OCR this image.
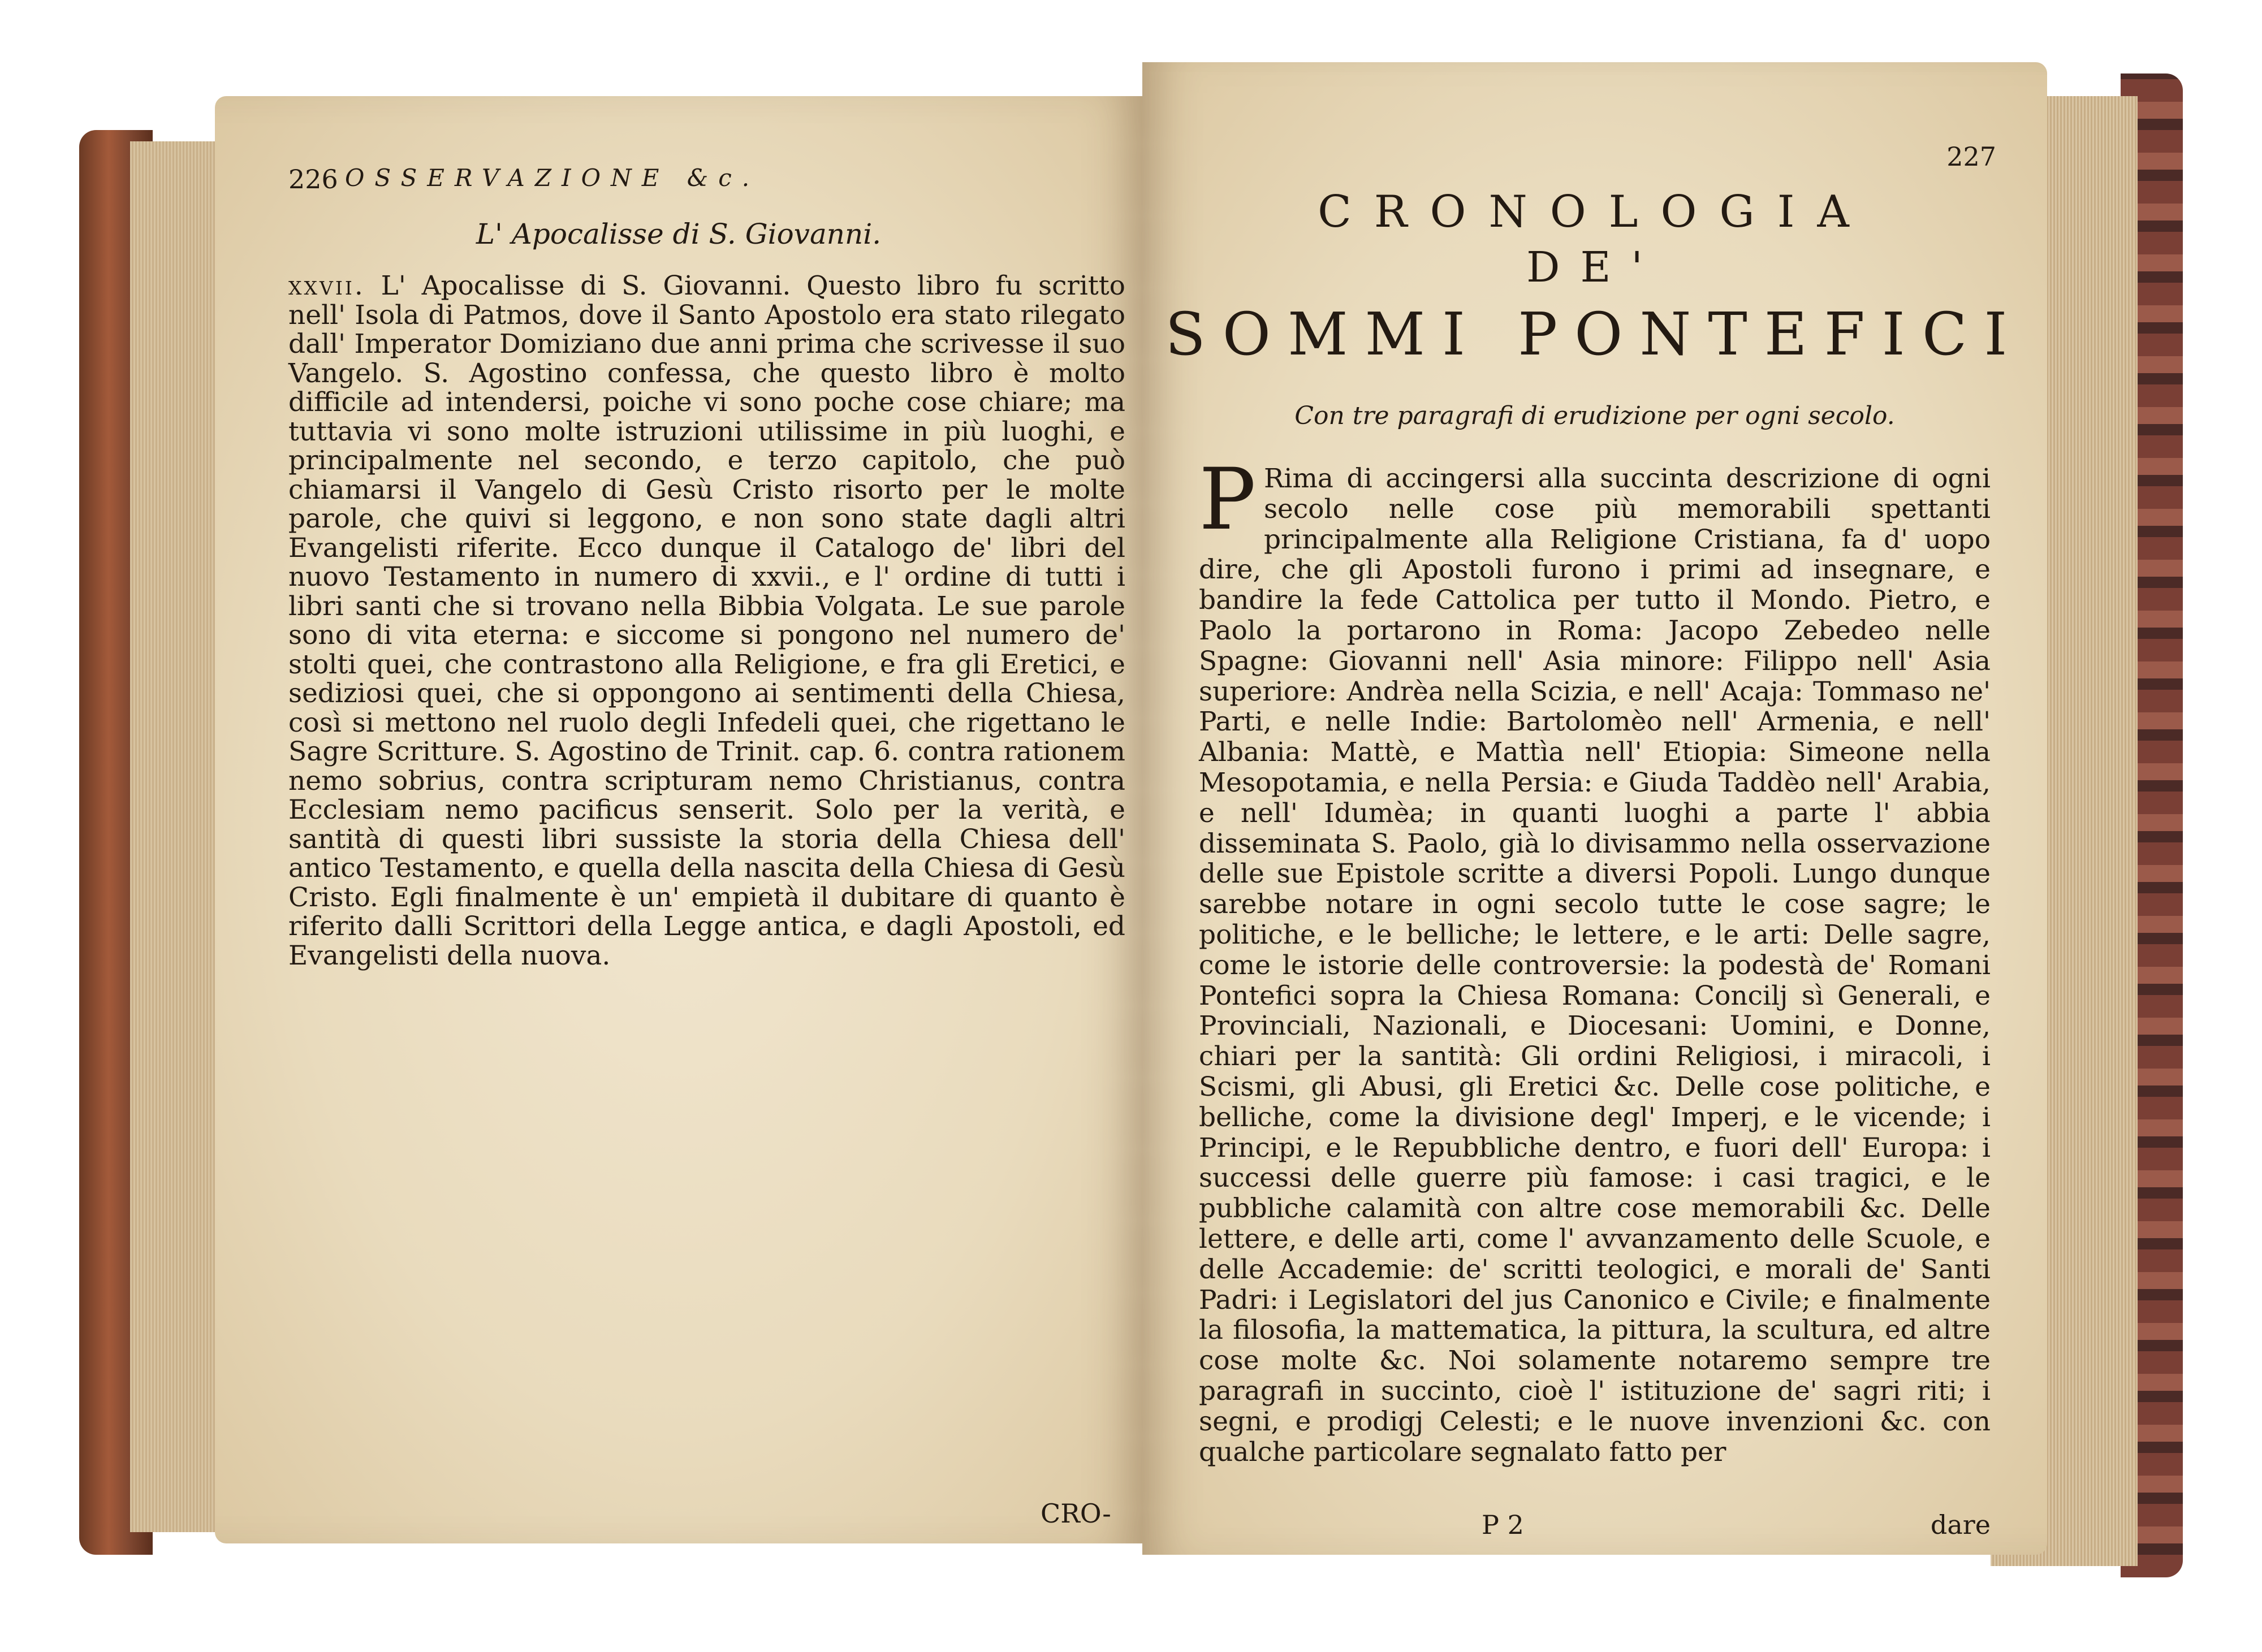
226 OSSERVAZIONE &c.
L' Apocalisse di S. Giovanni.

xxvii. L' Apocalisse di S. Giovanni. Questo libro fu scritto nell' Isola di Patmos, dove il Santo Apostolo era stato rilegato dall' Imperator Domiziano due anni prima che scrivesse il suo Vangelo. S. Agostino confessa, che questo libro è molto difficile ad intendersi, poiche vi sono poche cose chiare; ma tuttavia vi sono molte istruzioni utilissime in più luoghi, e principalmente nel secondo, e terzo capitolo, che può chiamarsi il Vangelo di Gesù Cristo risorto per le molte parole, che quivi si leggono, e non sono state dagli altri Evangelisti riferite. Ecco dunque il Catalogo de' libri del nuovo Testamento in numero di xxvii., e l' ordine di tutti i libri santi che si trovano nella Bibbia Volgata. Le sue parole sono di vita eterna: e siccome si pongono nel numero de' stolti quei, che contrastono alla Religione, e fra gli Eretici, e sediziosi quei, che si oppongono ai sentimenti della Chiesa, così si mettono nel ruolo degli Infedeli quei, che rigettano le Sagre Scritture. S. Agostino de Trinit. cap. 6. contra rationem nemo sobrius, contra scripturam nemo Christianus, contra Ecclesiam nemo pacificus senserit. Solo per la verità, e santità di questi libri sussiste la storia della Chiesa dell' antico Testamento, e quella della nascita della Chiesa di Gesù Cristo. Egli finalmente è un' empietà il dubitare di quanto è riferito dalli Scrittori della Legge antica, e dagli Apostoli, ed Evangelisti della nuova.

CRO-
227
CRONOLOGIA
DE'
SOMMI PONTEFICI
Con tre paragrafi di erudizione per ogni secolo.

P Rima di accingersi alla succinta descrizione di ogni secolo nelle cose più memorabili spettanti principalmente alla Religione Cristiana, fa d' uopo dire, che gli Apostoli furono i primi ad insegnare, e bandire la fede Cattolica per tutto il Mondo. Pietro, e Paolo la portarono in Roma: Jacopo Zebedeo nelle Spagne: Giovanni nell' Asia minore: Filippo nell' Asia superiore: Andrèa nella Scizia, e nell' Acaja: Tommaso ne' Parti, e nelle Indie: Bartolomèo nell' Armenia, e nell' Albania: Mattè, e Mattìa nell' Etiopia: Simeone nella Mesopotamia, e nella Persia: e Giuda Taddèo nell' Arabia, e nell' Idumèa; in quanti luoghi a parte l' abbia disseminata S. Paolo, già lo divisammo nella osservazione delle sue Epistole scritte a diversi Popoli. Lungo dunque sarebbe notare in ogni secolo tutte le cose sagre; le politiche, e le belliche; le lettere, e le arti: Delle sagre, come le istorie delle controversie: la podestà de' Romani Pontefici sopra la Chiesa Romana: Concilj sì Generali, e Provinciali, Nazionali, e Diocesani: Uomini, e Donne, chiari per la santità: Gli ordini Religiosi, i miracoli, i Scismi, gli Abusi, gli Eretici &c. Delle cose politiche, e belliche, come la divisione degl' Imperj, e le vicende; i Principi, e le Repubbliche dentro, e fuori dell' Europa: i successi delle guerre più famose: i casi tragici, e le pubbliche calamità con altre cose memorabili &c. Delle lettere, e delle arti, come l' avvanzamento delle Scuole, e delle Accademie: de' scritti teologici, e morali de' Santi Padri: i Legislatori del jus Canonico e Civile; e finalmente la filosofia, la mattematica, la pittura, la scultura, ed altre cose molte &c. Noi solamente notaremo sempre tre paragrafi in succinto, cioè l' istituzione de' sagri riti; i segni, e prodigj Celesti; e le nuove invenzioni &c. con qualche particolare segnalato fatto per

P 2	dare
